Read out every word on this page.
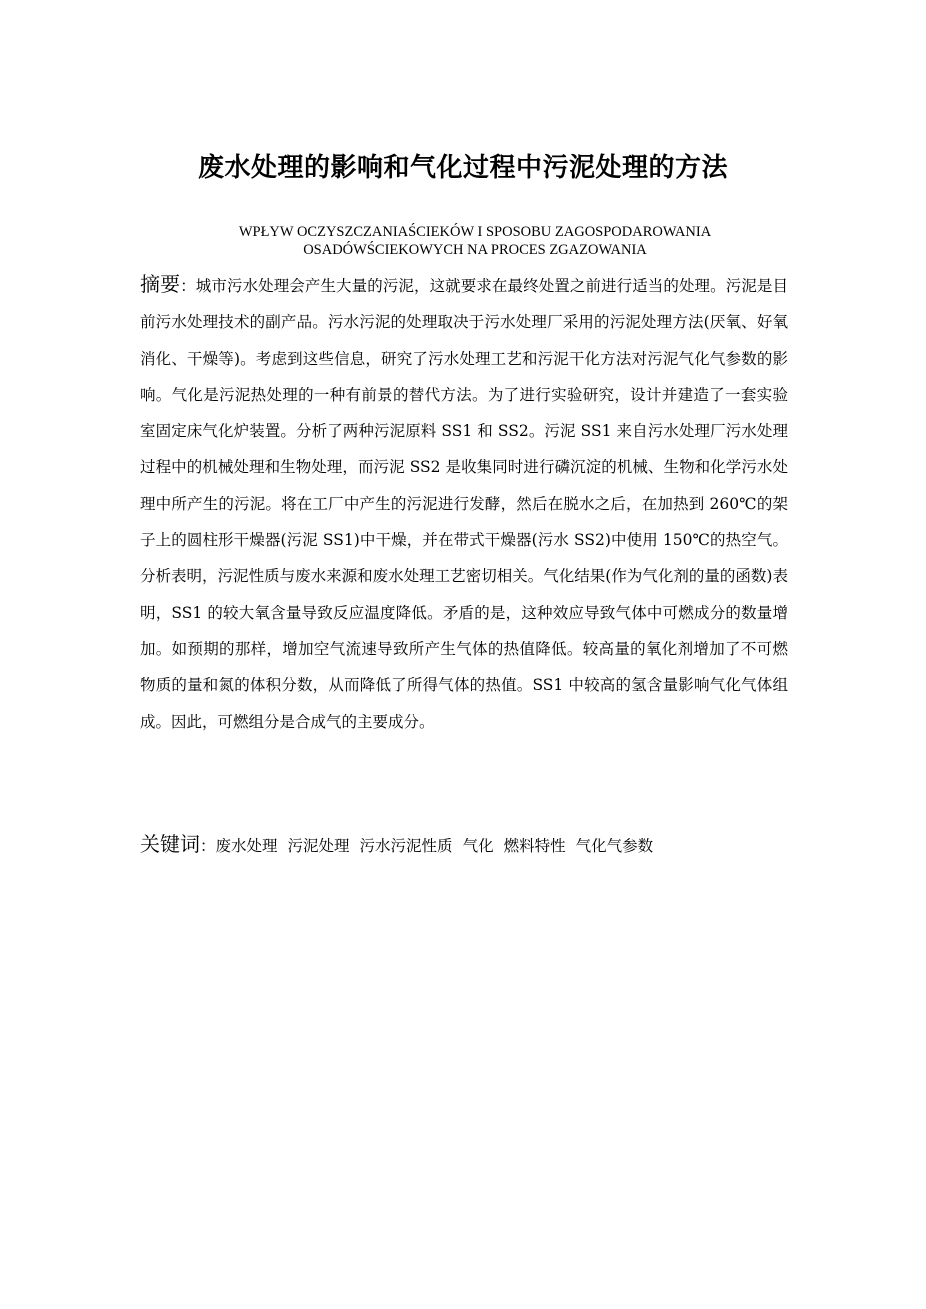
废水处理的影响和气化过程中污泥处理的方法
WPŁYW OCZYSZCZANIAŚCIEKÓW I SPOSOBU ZAGOSPODAROWANIA
OSADÓWŚCIEKOWYCH NA PROCES ZGAZOWANIA
摘要：城市污水处理会产生大量的污泥，这就要求在最终处置之前进行适当的处理。污泥是目前污水处理技术的副产品。污水污泥的处理取决于污水处理厂采用的污泥处理方法(厌氧、好氧消化、干燥等)。考虑到这些信息，研究了污水处理工艺和污泥干化方法对污泥气化气参数的影响。气化是污泥热处理的一种有前景的替代方法。为了进行实验研究，设计并建造了一套实验室固定床气化炉装置。分析了两种污泥原料 SS1 和 SS2。污泥 SS1 来自污水处理厂污水处理过程中的机械处理和生物处理，而污泥 SS2 是收集同时进行磷沉淀的机械、生物和化学污水处理中所产生的污泥。将在工厂中产生的污泥进行发酵，然后在脱水之后，在加热到 260℃的架子上的圆柱形干燥器(污泥 SS1)中干燥，并在带式干燥器(污水 SS2)中使用 150℃的热空气。分析表明，污泥性质与废水来源和废水处理工艺密切相关。气化结果(作为气化剂的量的函数)表明，SS1 的较大氧含量导致反应温度降低。矛盾的是，这种效应导致气体中可燃成分的数量增加。如预期的那样，增加空气流速导致所产生气体的热值降低。较高量的氧化剂增加了不可燃物质的量和氮的体积分数，从而降低了所得气体的热值。SS1 中较高的氢含量影响气化气体组成。因此，可燃组分是合成气的主要成分。
关键词：废水处理 污泥处理 污水污泥性质 气化 燃料特性 气化气参数
